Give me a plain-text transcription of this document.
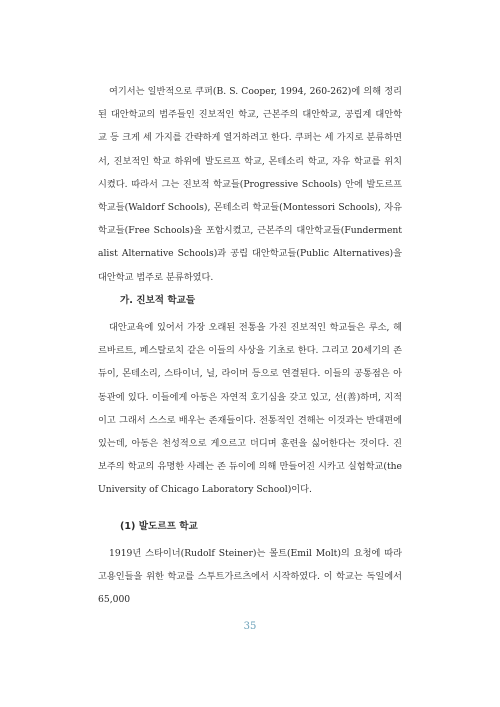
여기서는 일반적으로 쿠퍼(B. S. Cooper, 1994, 260-262)에 의해 정리된 대안학교의 범주들인 진보적인 학교, 근본주의 대안학교, 공립계 대안학교 등 크게 세 가지를 간략하게 열거하려고 한다. 쿠퍼는 세 가지로 분류하면서, 진보적인 학교 하위에 발도르프 학교, 몬테소리 학교, 자유 학교를 위치시켰다. 따라서 그는 진보적 학교들(Progressive Schools) 안에 발도르프 학교들(Waldorf Schools), 몬테소리 학교들(Montessori Schools), 자유 학교들(Free Schools)을 포함시켰고, 근본주의 대안학교들(Fundermentalist Alternative Schools)과 공립 대안학교들(Public Alternatives)을 대안학교 범주로 분류하였다.

가. 진보적 학교들

대안교육에 있어서 가장 오래된 전통을 가진 진보적인 학교들은 루소, 헤르바르트, 페스탈로치 같은 이들의 사상을 기초로 한다. 그리고 20세기의 존 듀이, 몬테소리, 스타이너, 닐, 라이머 등으로 연결된다. 이들의 공통점은 아동관에 있다. 이들에게 아동은 자연적 호기심을 갖고 있고, 선(善)하며, 지적이고 그래서 스스로 배우는 존재들이다. 전통적인 견해는 이것과는 반대편에 있는데, 아동은 천성적으로 게으르고 더디며 훈련을 싫어한다는 것이다. 진보주의 학교의 유명한 사례는 존 듀이에 의해 만들어진 시카고 실험학교(the University of Chicago Laboratory School)이다.

(1) 발도르프 학교

1919년 스타이너(Rudolf Steiner)는 몰트(Emil Molt)의 요청에 따라 고용인들을 위한 학교를 스투트가르츠에서 시작하였다. 이 학교는 독일에서 65,000

35
